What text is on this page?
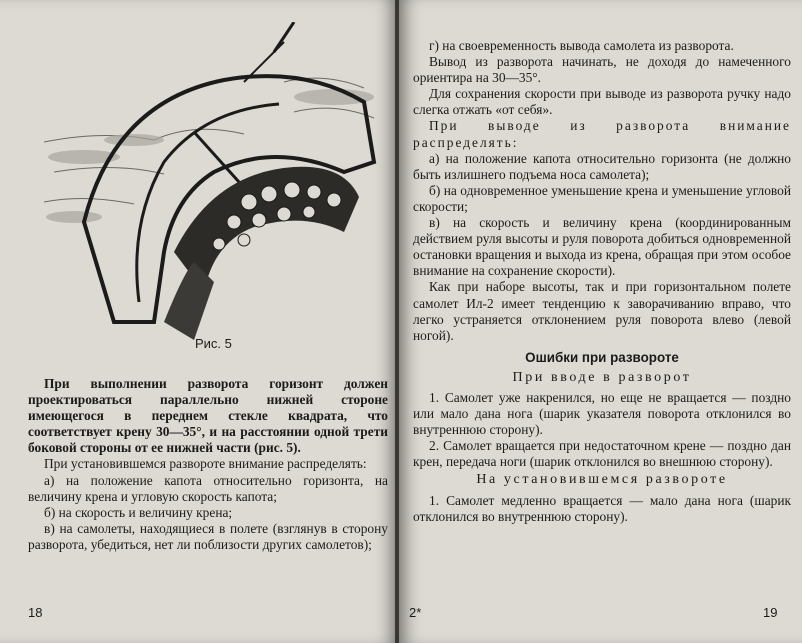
Рис. 5

При выполнении разворота горизонт должен проектироваться параллельно нижней стороне имеющегося в переднем стекле квадрата, что соответствует крену 30—35°, и на расстоянии одной трети боковой стороны от ее нижней части (рис. 5).

При установившемся развороте внимание распределять:

а) на положение капота относительно горизонта, на величину крена и угловую скорость капота;

б) на скорость и величину крена;

в) на самолеты, находящиеся в полете (взглянув в сторону разворота, убедиться, нет ли поблизости других самолетов);

18

г) на своевременность вывода самолета из разворота.

Вывод из разворота начинать, не доходя до намеченного ориентира на 30—35°.

Для сохранения скорости при выводе из разворота ручку надо слегка отжать «от себя».

При выводе из разворота внимание распределять:

а) на положение капота относительно горизонта (не должно быть излишнего подъема носа самолета);

б) на одновременное уменьшение крена и уменьшение угловой скорости;

в) на скорость и величину крена (координированным действием руля высоты и руля поворота добиться одновременной остановки вращения и выхода из крена, обращая при этом особое внимание на сохранение скорости).

Как при наборе высоты, так и при горизонтальном полете самолет Ил-2 имеет тенденцию к заворачиванию вправо, что легко устраняется отклонением руля поворота влево (левой ногой).

Ошибки при развороте
При вводе в разворот

1. Самолет уже накренился, но еще не вращается — поздно или мало дана нога (шарик указателя поворота отклонился во внутреннюю сторону).

2. Самолет вращается при недостаточном крене — поздно дан крен, передача ноги (шарик отклонился во внешнюю сторону).

На установившемся развороте

1. Самолет медленно вращается — мало дана нога (шарик отклонился во внутреннюю сторону).

2*	19
